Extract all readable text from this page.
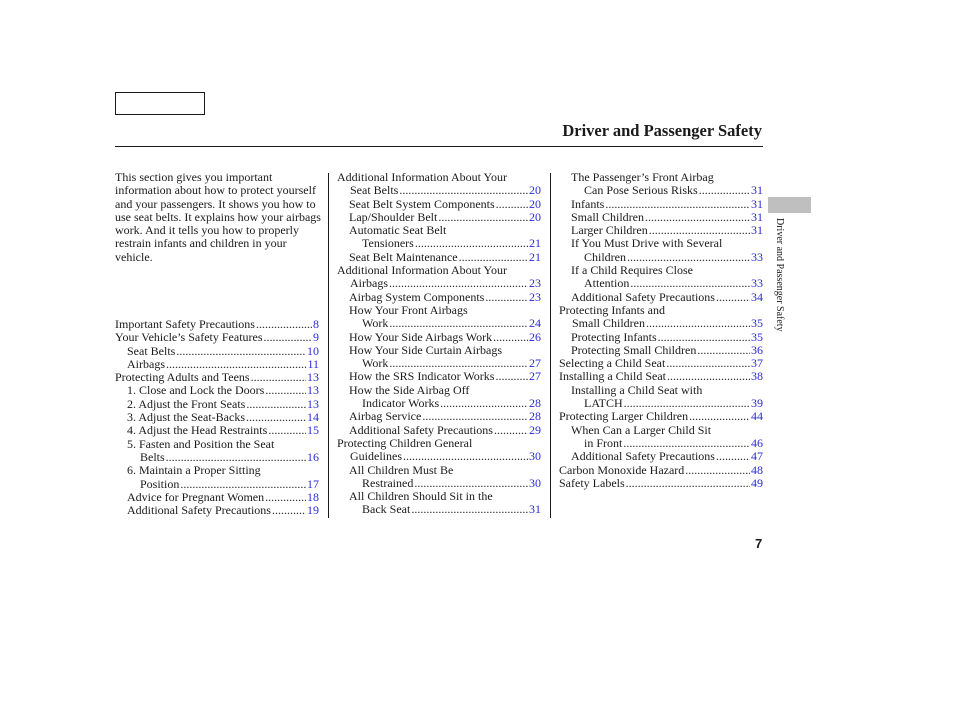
Driver and Passenger Safety
Driver and Passenger Safety

This section gives you important information about how to protect yourself and your passengers. It shows you how to use seat belts. It explains how your airbags work. And it tells you how to properly restrain infants and children in your vehicle.

Important Safety Precautions .....	8
Your Vehicle’s Safety Features .....	9
Seat Belts .....	10
Airbags .....	11
Protecting Adults and Teens .....	13
1. Close and Lock the Doors .....	13
2. Adjust the Front Seats .....	13
3. Adjust the Seat-Backs .....	14
4. Adjust the Head Restraints .....	15
5. Fasten and Position the Seat
Belts .....	16
6. Maintain a Proper Sitting
Position .....	17
Advice for Pregnant Women .....	18
Additional Safety Precautions .....	19
Additional Information About Your
Seat Belts .....	20
Seat Belt System Components .....	20
Lap/Shoulder Belt .....	20
Automatic Seat Belt
Tensioners .....	21
Seat Belt Maintenance .....	21
Additional Information About Your
Airbags .....	23
Airbag System Components .....	23
How Your Front Airbags
Work .....	24
How Your Side Airbags Work .....	26
How Your Side Curtain Airbags
Work .....	27
How the SRS Indicator Works .....	27
How the Side Airbag Off
Indicator Works .....	28
Airbag Service .....	28
Additional Safety Precautions .....	29
Protecting Children General
Guidelines .....	30
All Children Must Be
Restrained .....	30
All Children Should Sit in the
Back Seat .....	31
The Passenger’s Front Airbag
Can Pose Serious Risks .....	31
Infants .....	31
Small Children .....	31
Larger Children .....	31
If You Must Drive with Several
Children .....	33
If a Child Requires Close
Attention .....	33
Additional Safety Precautions .....	34
Protecting Infants and
Small Children .....	35
Protecting Infants .....	35
Protecting Small Children .....	36
Selecting a Child Seat .....	37
Installing a Child Seat .....	38
Installing a Child Seat with
LATCH .....	39
Protecting Larger Children .....	44
When Can a Larger Child Sit
in Front .....	46
Additional Safety Precautions .....	47
Carbon Monoxide Hazard .....	48
Safety Labels .....	49
7
